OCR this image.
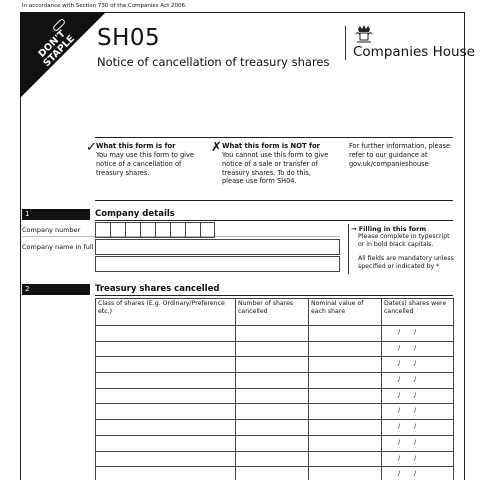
In accordance with Section 730 of the Companies Act 2006.
DON'T STAPLE SH05
Notice of cancellation of treasury shares
Companies House
✓ What this form is for
You may use this form to give notice of a cancellation of treasury shares.
✗ What this form is NOT for
You cannot use this form to give notice of a sale or transfer of treasury shares. To do this, please use form SH04.
For further information, please refer to our guidance at gov.uk/companieshouse
1	Company details
Company number
Company name in full
→ Filling in this form
Please complete in typescript or in bold black capitals.
All fields are mandatory unless specified or indicated by *
2	Treasury shares cancelled
Class of shares (E.g. Ordinary/Preference etc.)	Number of shares cancelled	Nominal value of each share	Date(s) shares were cancelled

			/ /

			/ /

			/ /

			/ /

			/ /

			/ /

			/ /

			/ /

			/ /

			/ /
